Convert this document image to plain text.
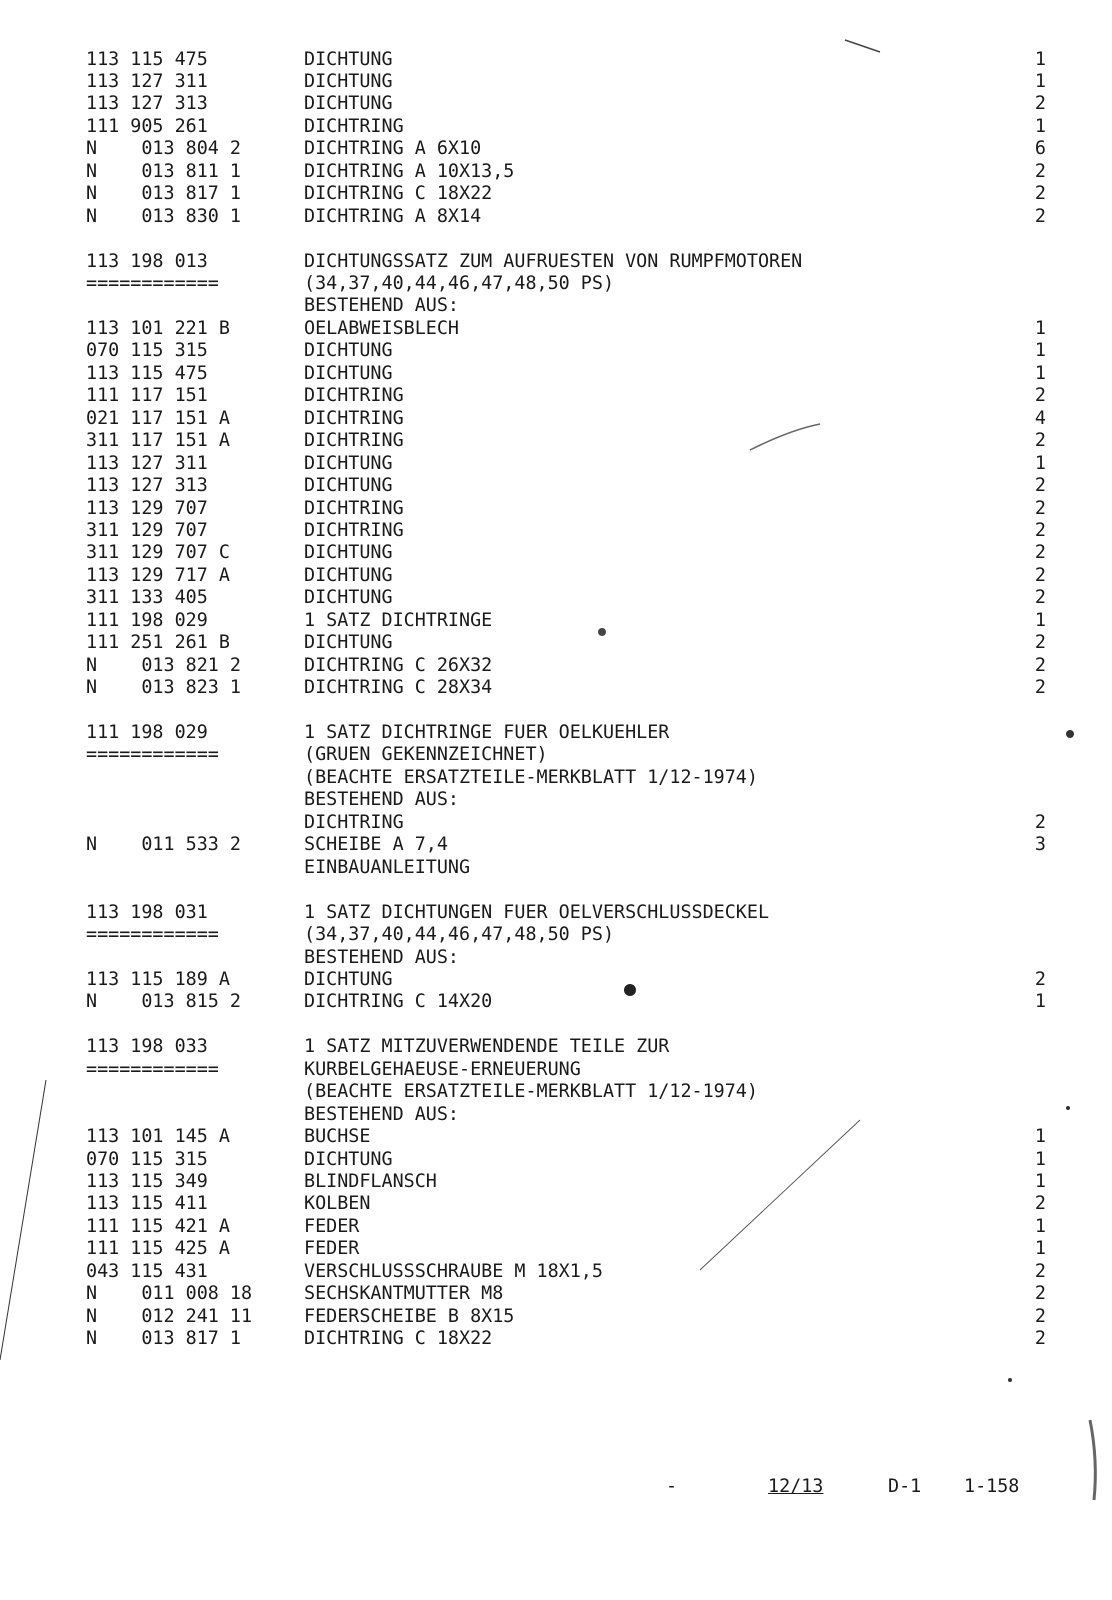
113 115 475	DICHTUNG	1
113 127 311	DICHTUNG	1
113 127 313	DICHTUNG	2
111 905 261	DICHTRING	1
N    013 804 2	DICHTRING A 6X10	6
N    013 811 1	DICHTRING A 10X13,5	2
N    013 817 1	DICHTRING C 18X22	2
N    013 830 1	DICHTRING A 8X14	2
113 198 013	DICHTUNGSSATZ ZUM AUFRUESTEN VON RUMPFMOTOREN
============	(34,37,40,44,46,47,48,50 PS)
BESTEHEND AUS:
113 101 221 B	OELABWEISBLECH	1
070 115 315	DICHTUNG	1
113 115 475	DICHTUNG	1
111 117 151	DICHTRING	2
021 117 151 A	DICHTRING	4
311 117 151 A	DICHTRING	2
113 127 311	DICHTUNG	1
113 127 313	DICHTUNG	2
113 129 707	DICHTRING	2
311 129 707	DICHTRING	2
311 129 707 C	DICHTUNG	2
113 129 717 A	DICHTUNG	2
311 133 405	DICHTUNG	2
111 198 029	1 SATZ DICHTRINGE	1
111 251 261 B	DICHTUNG	2
N    013 821 2	DICHTRING C 26X32	2
N    013 823 1	DICHTRING C 28X34	2
111 198 029	1 SATZ DICHTRINGE FUER OELKUEHLER
============	(GRUEN GEKENNZEICHNET)
(BEACHTE ERSATZTEILE-MERKBLATT 1/12-1974)
BESTEHEND AUS:
DICHTRING	2
N    011 533 2	SCHEIBE A 7,4	3
EINBAUANLEITUNG
113 198 031	1 SATZ DICHTUNGEN FUER OELVERSCHLUSSDECKEL
============	(34,37,40,44,46,47,48,50 PS)
BESTEHEND AUS:
113 115 189 A	DICHTUNG	2
N    013 815 2	DICHTRING C 14X20	1
113 198 033	1 SATZ MITZUVERWENDENDE TEILE ZUR
============	KURBELGEHAEUSE-ERNEUERUNG
(BEACHTE ERSATZTEILE-MERKBLATT 1/12-1974)
BESTEHEND AUS:
113 101 145 A	BUCHSE	1
070 115 315	DICHTUNG	1
113 115 349	BLINDFLANSCH	1
113 115 411	KOLBEN	2
111 115 421 A	FEDER	1
111 115 425 A	FEDER	1
043 115 431	VERSCHLUSSSCHRAUBE M 18X1,5	2
N    011 008 18	SECHSKANTMUTTER M8	2
N    012 241 11	FEDERSCHEIBE B 8X15	2
N    013 817 1	DICHTRING C 18X22	2
-	12/13	D-1 1-158
